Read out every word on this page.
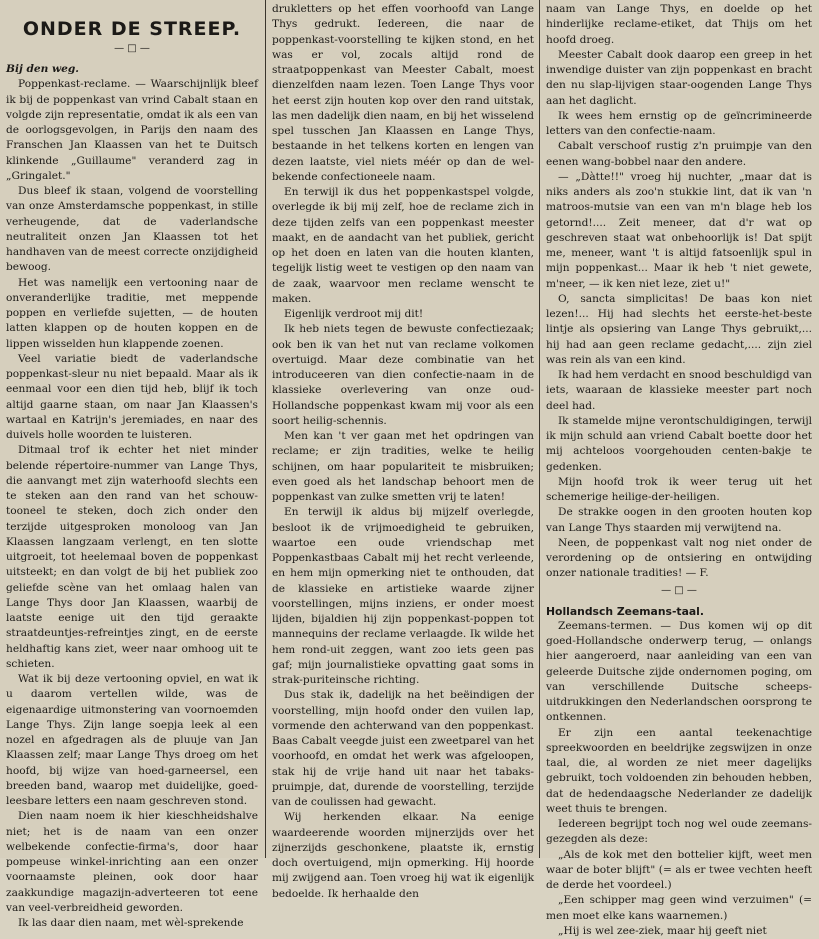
ONDER DE STREEP.
— □ —

Bij den weg.

Poppenkast-reclame. — Waarschijnlijk bleef ik bij de poppenkast van vrind Cabalt staan en volgde zijn representatie, omdat ik als een van de oorlogsgevolgen, in Parijs den naam des Franschen Jan Klaassen van het te Duitsch klinkende „Guillaume" veranderd zag in „Gringalet."

Dus bleef ik staan, volgend de voorstelling van onze Amsterdamsche poppenkast, in stille verheugende, dat de vaderlandsche neutraliteit onzen Jan Klaassen tot het handhaven van de meest correcte onzijdigheid bewoog.

Het was namelijk een vertooning naar de onveranderlijke traditie, met meppende poppen en verliefde sujetten, — de houten latten klappen op de houten koppen en de lippen wisselden hun klappende zoenen.

Veel variatie biedt de vaderlandsche poppenkast-sleur nu niet bepaald. Maar als ik eenmaal voor een dien tijd heb, blijf ik toch altijd gaarne staan, om naar Jan Klaassen's wartaal en Katrijn's jeremiades, en naar des duivels holle woorden te luisteren.

Ditmaal trof ik echter het niet minder belende répertoire-nummer van Lange Thys, die aanvangt met zijn waterhoofd slechts een te steken aan den rand van het schouw-tooneel te steken, doch zich onder den terzijde uitgesproken monoloog van Jan Klaassen langzaam verlengt, en ten slotte uitgroeit, tot heelemaal boven de poppenkast uitsteekt; en dan volgt de bij het publiek zoo geliefde scène van het omlaag halen van Lange Thys door Jan Klaassen, waarbij de laatste eenige uit den tijd geraakte straatdeuntjes-refreintjes zingt, en de eerste heldhaftig kans ziet, weer naar omhoog uit te schieten.

Wat ik bij deze vertooning opviel, en wat ik u daarom vertellen wilde, was de eigenaardige uitmonstering van voornoemden Lange Thys. Zijn lange soepja leek al een nozel en afgedragen als de pluuje van Jan Klaassen zelf; maar Lange Thys droeg om het hoofd, bij wijze van hoed-garneersel, een breeden band, waarop met duidelijke, goed-leesbare letters een naam geschreven stond.

Dien naam noem ik hier kieschheidshalve niet; het is de naam van een onzer welbekende confectie-firma's, door haar pompeuse winkel-inrichting aan een onzer voornaamste pleinen, ook door haar zaakkundige magazijn-adverteeren tot eene van veel-verbreidheid geworden.

Ik las daar dien naam, met wèl-sprekende

drukletters op het effen voorhoofd van Lange Thys gedrukt. Iedereen, die naar de poppenkast-voorstelling te kijken stond, en het was er vol, zocals altijd rond de straatpoppenkast van Meester Cabalt, moest dienzelfden naam lezen. Toen Lange Thys voor het eerst zijn houten kop over den rand uitstak, las men dadelijk dien naam, en bij het wisselend spel tusschen Jan Klaassen en Lange Thys, bestaande in het telkens korten en lengen van dezen laatste, viel niets méér op dan de wel-bekende confectioneele naam.

En terwijl ik dus het poppenkastspel volgde, overlegde ik bij mij zelf, hoe de reclame zich in deze tijden zelfs van een poppenkast meester maakt, en de aandacht van het publiek, gericht op het doen en laten van die houten klanten, tegelijk listig weet te vestigen op den naam van de zaak, waarvoor men reclame wenscht te maken.

Eigenlijk verdroot mij dit!

Ik heb niets tegen de bewuste confectiezaak; ook ben ik van het nut van reclame volkomen overtuigd. Maar deze combinatie van het introduceeren van dien confectie-naam in de klassieke overlevering van onze oud-Hollandsche poppenkast kwam mij voor als een soort heilig-schennis.

Men kan 't ver gaan met het opdringen van reclame; er zijn tradities, welke te heilig schijnen, om haar populariteit te misbruiken; even goed als het landschap behoort men de poppenkast van zulke smetten vrij te laten!

En terwijl ik aldus bij mijzelf overlegde, besloot ik de vrijmoedigheid te gebruiken, waartoe een oude vriendschap met Poppenkastbaas Cabalt mij het recht verleende, en hem mijn opmerking niet te onthouden, dat de klassieke en artistieke waarde zijner voorstellingen, mijns inziens, er onder moest lijden, bijaldien hij zijn poppenkast-poppen tot mannequins der reclame verlaagde. Ik wilde het hem rond-uit zeggen, want zoo iets geen pas gaf; mijn journalistieke opvatting gaat soms in strak-puriteinsche richting.

Dus stak ik, dadelijk na het beëindigen der voorstelling, mijn hoofd onder den vuilen lap, vormende den achterwand van den poppenkast. Baas Cabalt veegde juist een zweetparel van het voorhoofd, en omdat het werk was afgeloopen, stak hij de vrije hand uit naar het tabaks-pruimpje, dat, durende de voorstelling, terzijde van de coulissen had gewacht.

Wij herkenden elkaar. Na eenige waardeerende woorden mijnerzijds over het zijnerzijds geschonkene, plaatste ik, ernstig doch overtuigend, mijn opmerking. Hij hoorde mij zwijgend aan. Toen vroeg hij wat ik eigenlijk bedoelde. Ik herhaalde den

naam van Lange Thys, en doelde op het hinderlijke reclame-etiket, dat Thijs om het hoofd droeg.

Meester Cabalt dook daarop een greep in het inwendige duister van zijn poppenkast en bracht den nu slap-lijvigen staar-oogenden Lange Thys aan het daglicht.

Ik wees hem ernstig op de geïncrimineerde letters van den confectie-naam.

Cabalt verschoof rustig z'n pruimpje van den eenen wang-bobbel naar den andere.

— „Dàtte!!" vroeg hij nuchter, „maar dat is niks anders als zoo'n stukkie lint, dat ik van 'n matroos-mutsie van een van m'n blage heb los getornd!.... Zeit meneer, dat d'r wat op geschreven staat wat onbehoorlijk is! Dat spijt me, meneer, want 't is altijd fatsoenlijk spul in mijn poppenkast... Maar ik heb 't niet gewete, m'neer, — ik ken niet leze, ziet u!"

O, sancta simplicitas! De baas kon niet lezen!... Hij had slechts het eerste-het-beste lintje als opsiering van Lange Thys gebruikt,... hij had aan geen reclame gedacht,.... zijn ziel was rein als van een kind.

Ik had hem verdacht en snood beschuldigd van iets, waaraan de klassieke meester part noch deel had.

Ik stamelde mijne verontschuldigingen, terwijl ik mijn schuld aan vriend Cabalt boette door het mij achteloos voorgehouden centen-bakje te gedenken.

Mijn hoofd trok ik weer terug uit het schemerige heilige-der-heiligen.

De strakke oogen in den grooten houten kop van Lange Thys staarden mij verwijtend na.

Neen, de poppenkast valt nog niet onder de verordening op de ontsiering en ontwijding onzer nationale tradities! — F.

— □ —

Hollandsch Zeemans-taal.

Zeemans-termen. — Dus komen wij op dit goed-Hollandsche onderwerp terug, — onlangs hier aangeroerd, naar aanleiding van een van geleerde Duitsche zijde ondernomen poging, om van verschillende Duitsche scheeps-uitdrukkingen den Nederlandschen oorsprong te ontkennen.

Er zijn een aantal teekenachtige spreekwoorden en beeldrijke zegswijzen in onze taal, die, al worden ze niet meer dagelijks gebruikt, toch voldoenden zin behouden hebben, dat de hedendaagsche Nederlander ze dadelijk weet thuis te brengen.

Iedereen begrijpt toch nog wel oude zeemans-gezegden als deze:

„Als de kok met den bottelier kijft, weet men waar de boter blijft" (= als er twee vechten heeft de derde het voordeel.)

„Een schipper mag geen wind verzuimen" (= men moet elke kans waarnemen.)

„Hij is wel zee-ziek, maar hij geeft niet
